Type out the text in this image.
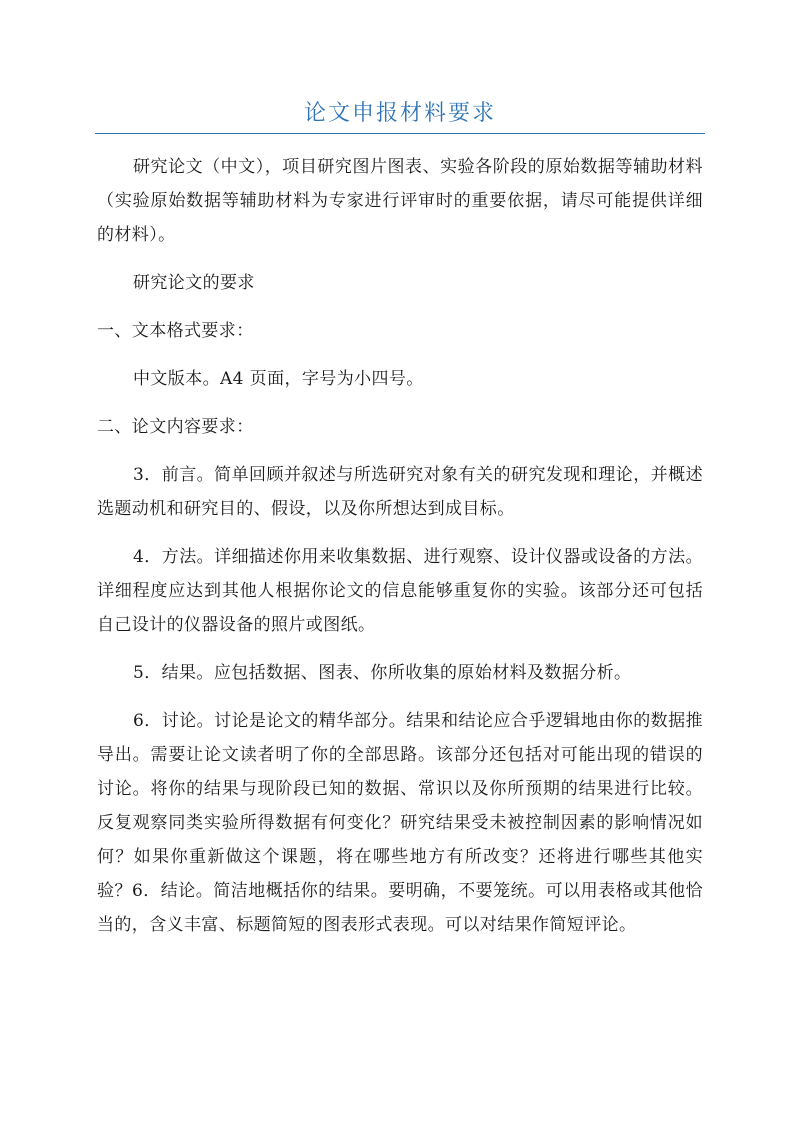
论文申报材料要求

研究论文（中文），项目研究图片图表、实验各阶段的原始数据等辅助材料（实验原始数据等辅助材料为专家进行评审时的重要依据，请尽可能提供详细的材料）。

研究论文的要求

一、文本格式要求：

中文版本。A4 页面，字号为小四号。

二、论文内容要求：

3．前言。简单回顾并叙述与所选研究对象有关的研究发现和理论，并概述选题动机和研究目的、假设，以及你所想达到成目标。

4．方法。详细描述你用来收集数据、进行观察、设计仪器或设备的方法。详细程度应达到其他人根据你论文的信息能够重复你的实验。该部分还可包括自己设计的仪器设备的照片或图纸。

5．结果。应包括数据、图表、你所收集的原始材料及数据分析。

6．讨论。讨论是论文的精华部分。结果和结论应合乎逻辑地由你的数据推导出。需要让论文读者明了你的全部思路。该部分还包括对可能出现的错误的讨论。将你的结果与现阶段已知的数据、常识以及你所预期的结果进行比较。反复观察同类实验所得数据有何变化？研究结果受未被控制因素的影响情况如何？如果你重新做这个课题，将在哪些地方有所改变？还将进行哪些其他实验？6．结论。简洁地概括你的结果。要明确，不要笼统。可以用表格或其他恰当的，含义丰富、标题简短的图表形式表现。可以对结果作简短评论。
